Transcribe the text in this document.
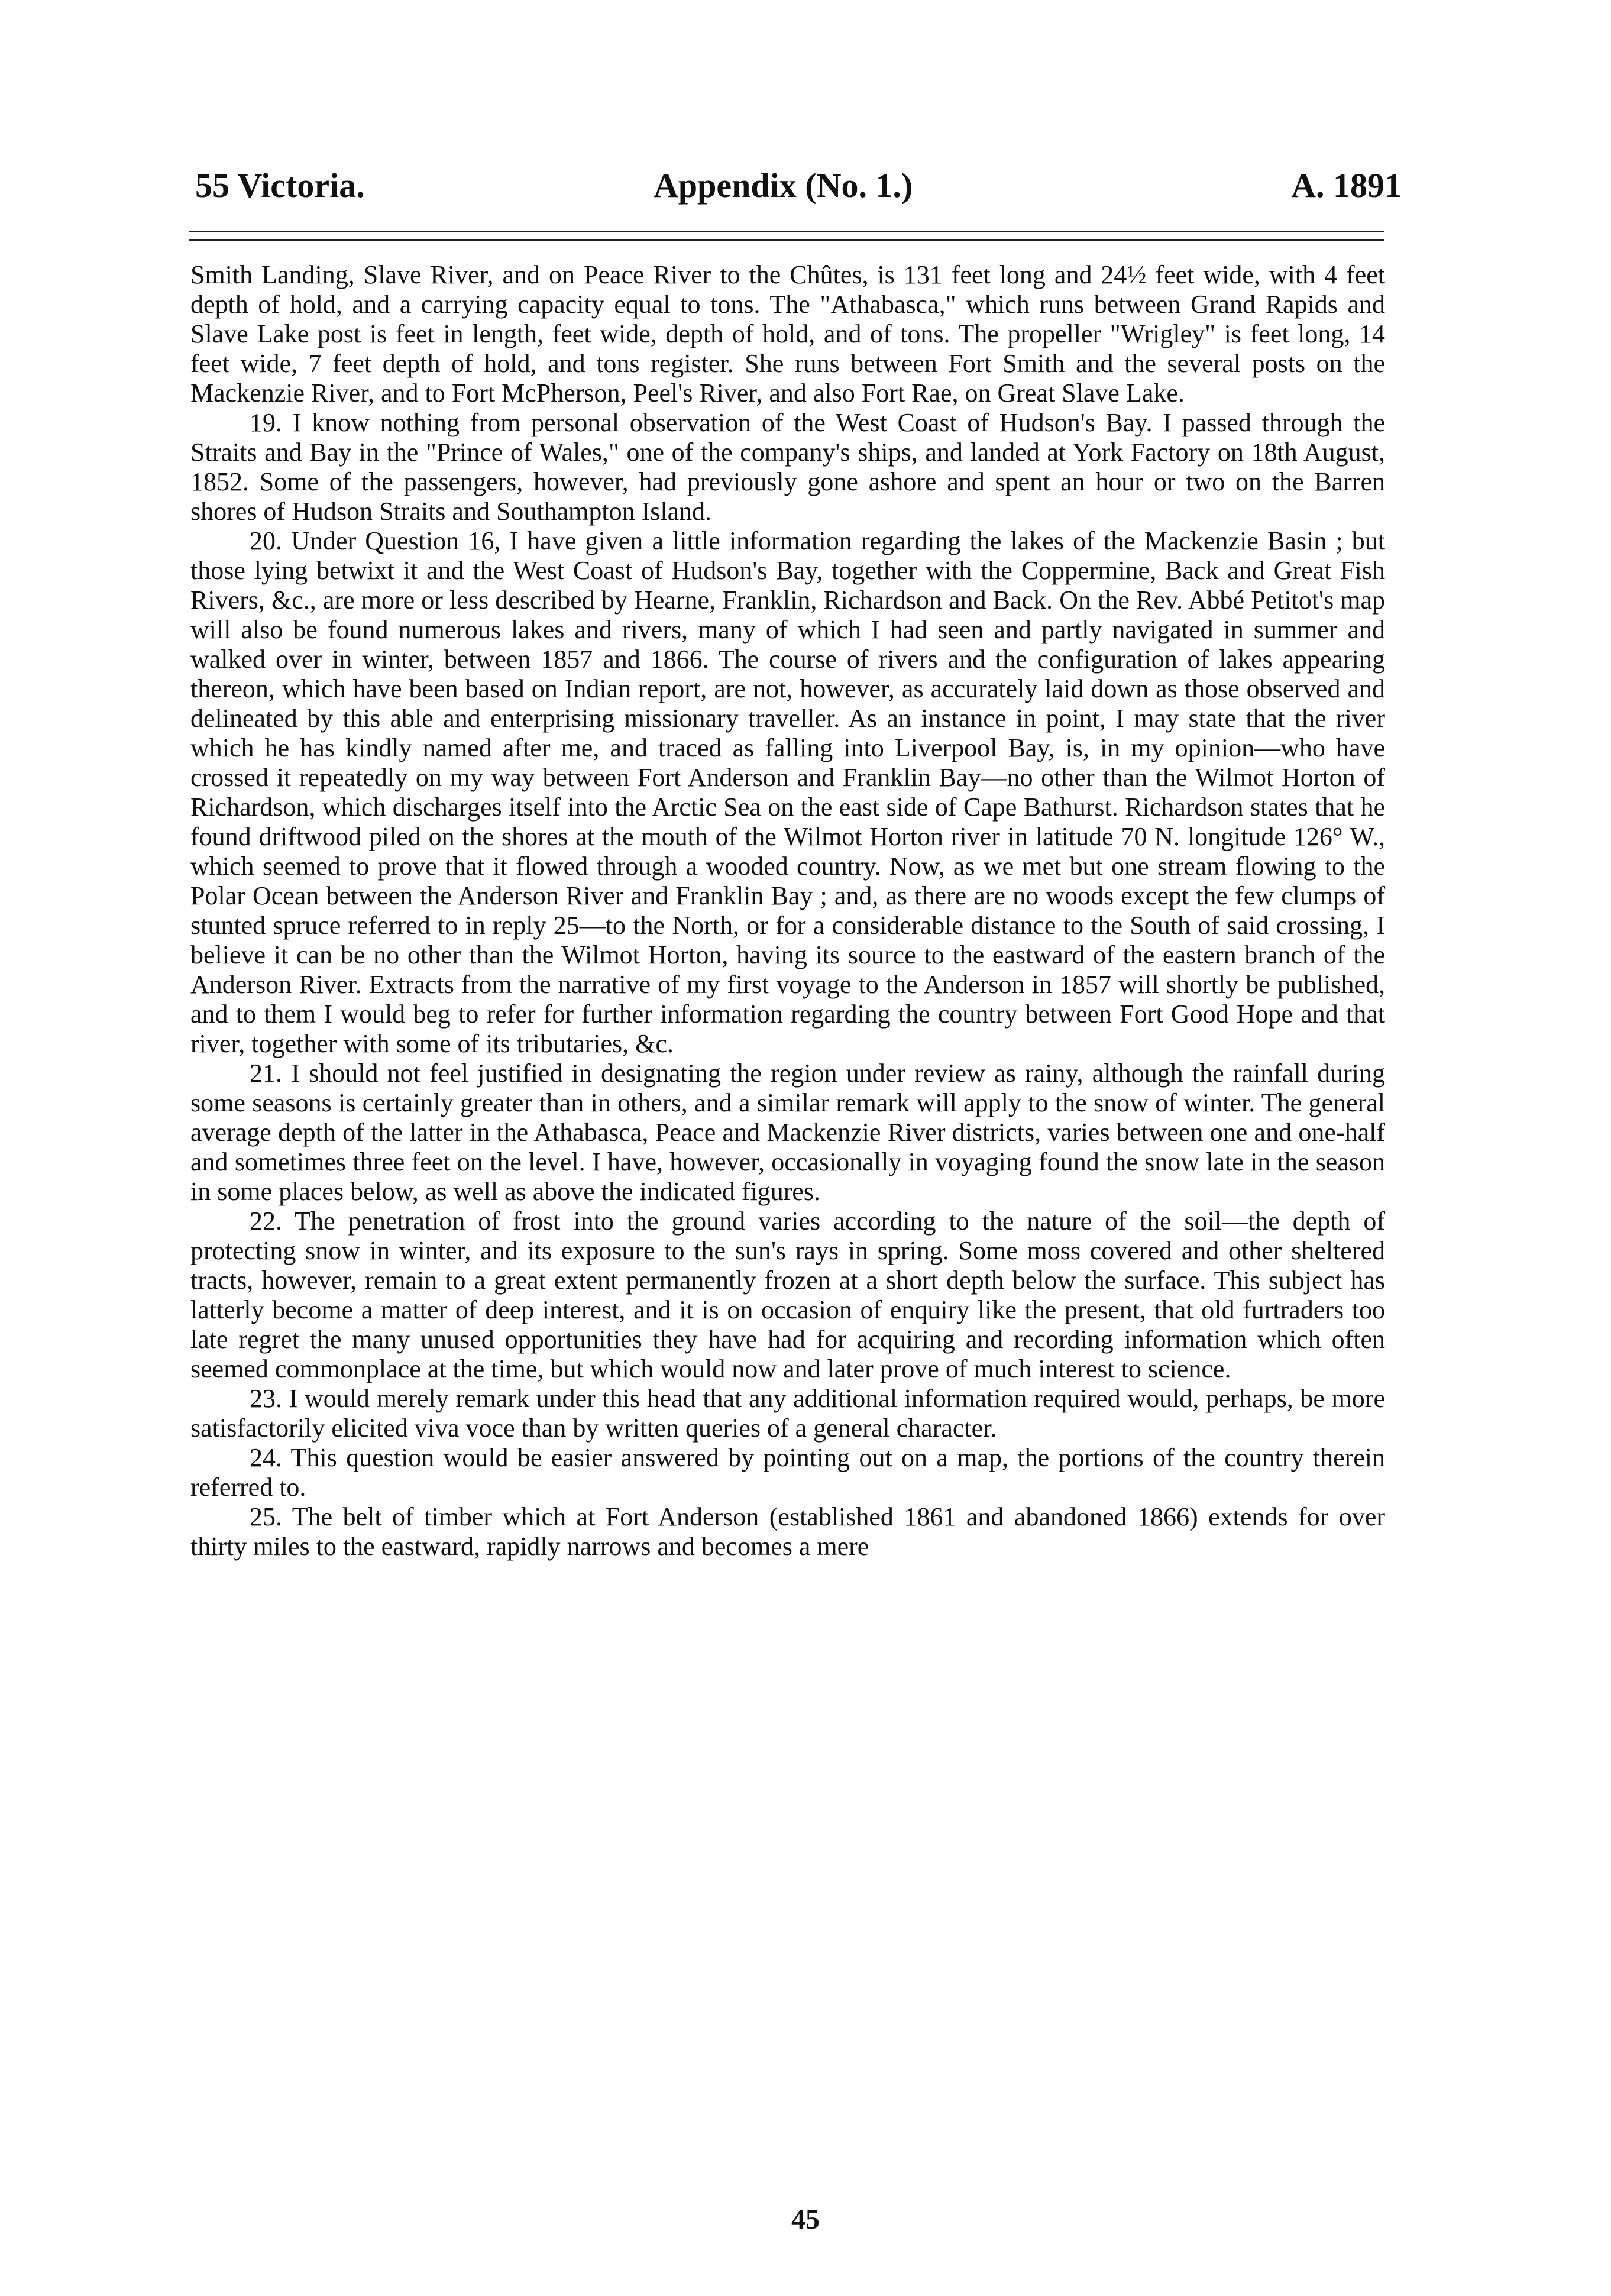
55 Victoria.	Appendix (No. 1.)	A. 1891

Smith Landing, Slave River, and on Peace River to the Chûtes, is 131 feet long and 24½ feet wide, with 4 feet depth of hold, and a carrying capacity equal to tons. The "Athabasca," which runs between Grand Rapids and Slave Lake post is feet in length, feet wide, depth of hold, and of tons. The propeller "Wrigley" is feet long, 14 feet wide, 7 feet depth of hold, and tons register. She runs between Fort Smith and the several posts on the Mackenzie River, and to Fort McPherson, Peel's River, and also Fort Rae, on Great Slave Lake.

19. I know nothing from personal observation of the West Coast of Hudson's Bay. I passed through the Straits and Bay in the "Prince of Wales," one of the company's ships, and landed at York Factory on 18th August, 1852. Some of the passengers, however, had previously gone ashore and spent an hour or two on the Barren shores of Hudson Straits and Southampton Island.

20. Under Question 16, I have given a little information regarding the lakes of the Mackenzie Basin ; but those lying betwixt it and the West Coast of Hudson's Bay, together with the Coppermine, Back and Great Fish Rivers, &c., are more or less described by Hearne, Franklin, Richardson and Back. On the Rev. Abbé Petitot's map will also be found numerous lakes and rivers, many of which I had seen and partly navigated in summer and walked over in winter, between 1857 and 1866. The course of rivers and the configuration of lakes appearing thereon, which have been based on Indian report, are not, however, as accurately laid down as those observed and delineated by this able and enterprising missionary traveller. As an instance in point, I may state that the river which he has kindly named after me, and traced as falling into Liverpool Bay, is, in my opinion—who have crossed it repeatedly on my way between Fort Anderson and Franklin Bay—no other than the Wilmot Horton of Richardson, which discharges itself into the Arctic Sea on the east side of Cape Bathurst. Richardson states that he found driftwood piled on the shores at the mouth of the Wilmot Horton river in latitude 70 N. longitude 126° W., which seemed to prove that it flowed through a wooded country. Now, as we met but one stream flowing to the Polar Ocean between the Anderson River and Franklin Bay ; and, as there are no woods except the few clumps of stunted spruce referred to in reply 25—to the North, or for a considerable distance to the South of said crossing, I believe it can be no other than the Wilmot Horton, having its source to the eastward of the eastern branch of the Anderson River. Extracts from the narrative of my first voyage to the Anderson in 1857 will shortly be published, and to them I would beg to refer for further information regarding the country between Fort Good Hope and that river, together with some of its tributaries, &c.

21. I should not feel justified in designating the region under review as rainy, although the rainfall during some seasons is certainly greater than in others, and a similar remark will apply to the snow of winter. The general average depth of the latter in the Athabasca, Peace and Mackenzie River districts, varies between one and one-half and sometimes three feet on the level. I have, however, occasionally in voyaging found the snow late in the season in some places below, as well as above the indicated figures.

22. The penetration of frost into the ground varies according to the nature of the soil—the depth of protecting snow in winter, and its exposure to the sun's rays in spring. Some moss covered and other sheltered tracts, however, remain to a great extent permanently frozen at a short depth below the surface. This subject has latterly become a matter of deep interest, and it is on occasion of enquiry like the present, that old furtraders too late regret the many unused opportunities they have had for acquiring and recording information which often seemed commonplace at the time, but which would now and later prove of much interest to science.

23. I would merely remark under this head that any additional information required would, perhaps, be more satisfactorily elicited viva voce than by written queries of a general character.

24. This question would be easier answered by pointing out on a map, the portions of the country therein referred to.

25. The belt of timber which at Fort Anderson (established 1861 and abandoned 1866) extends for over thirty miles to the eastward, rapidly narrows and becomes a mere

45
